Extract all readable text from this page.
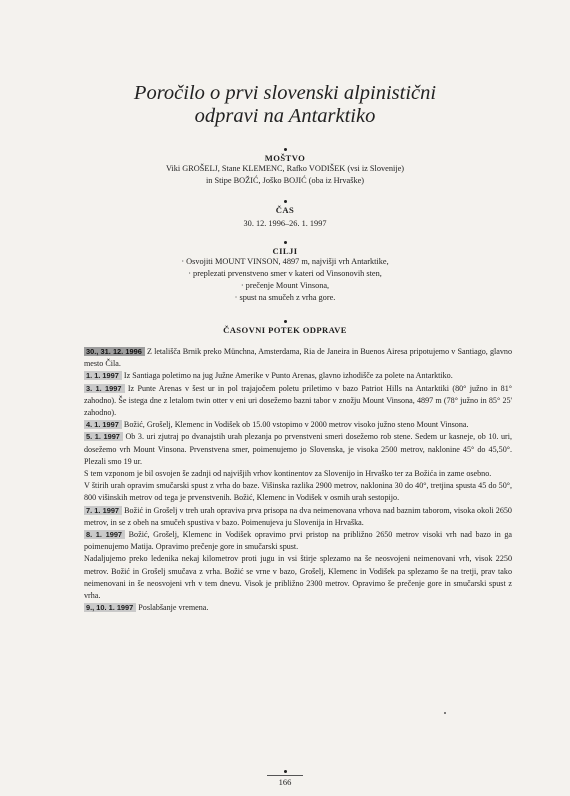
Poročilo o prvi slovenski alpinistični
odpravi na Antarktiko
MOŠTVO
Viki GROŠELJ, Stane KLEMENC, Rafko VODIŠEK (vsi iz Slovenije)
in Stipe BOŽIĆ, Joško BOJIĆ (oba iz Hrvaške)
ČAS
30. 12. 1996–26. 1. 1997
CILJI
· Osvojiti MOUNT VINSON, 4897 m, najvišji vrh Antarktike,
· preplezati prvenstveno smer v kateri od Vinsonovih sten,
· prečenje Mount Vinsona,
· spust na smučeh z vrha gore.
ČASOVNI POTEK ODPRAVE
30., 31. 12. 1996 Z letališča Brnik preko Münchna, Amsterdama, Ria de Janeira in Buenos Airesa pripotujemo v Santiago, glavno mesto Čila.
1. 1. 1997 Iz Santiaga poletimo na jug Južne Amerike v Punto Arenas, glavno izhodišče za polete na Antarktiko.
3. 1. 1997 Iz Punte Arenas v šest ur in pol trajajočem poletu priletimo v bazo Patriot Hills na Antarktiki (80° južno in 81° zahodno). Še istega dne z letalom twin otter v eni uri dosežemo bazni tabor v znožju Mount Vinsona, 4897 m (78° južno in 85° 25' zahodno).
4. 1. 1997 Božić, Grošelj, Klemenc in Vodišek ob 15.00 vstopimo v 2000 metrov visoko južno steno Mount Vinsona.
5. 1. 1997 Ob 3. uri zjutraj po dvanajstih urah plezanja po prvenstveni smeri dosežemo rob stene. Sedem ur kasneje, ob 10. uri, dosežemo vrh Mount Vinsona. Prvenstvena smer, poimenujemo jo Slovenska, je visoka 2500 metrov, naklonine 45° do 45,50°. Plezali smo 19 ur.
S tem vzponom je bil osvojen še zadnji od najvišjih vrhov kontinentov za Slovenijo in Hrvaško ter za Božića in zame osebno.
V štirih urah opravim smučarski spust z vrha do baze. Višinska razlika 2900 metrov, naklonina 30 do 40°, tretjina spusta 45 do 50°, 800 višinskih metrov od tega je prvenstvenih. Božić, Klemenc in Vodišek v osmih urah sestopijo.
7. 1. 1997 Božić in Grošelj v treh urah opraviva prva prisopa na dva neimenovana vrhova nad baznim taborom, visoka okoli 2650 metrov, in se z obeh na smučeh spustiva v bazo. Poimenujeva ju Slovenija in Hrvaška.
8. 1. 1997 Božić, Grošelj, Klemenc in Vodišek opravimo prvi pristop na približno 2650 metrov visoki vrh nad bazo in ga poimenujemo Matija. Opravimo prečenje gore in smučarski spust.
Nadaljujemo preko ledenika nekaj kilometrov proti jugu in vsi štirje splezamo na še neosvojeni neimenovani vrh, visok 2250 metrov. Božić in Grošelj smučava z vrha. Božić se vrne v bazo, Grošelj, Klemenc in Vodišek pa splezamo še na tretji, prav tako neimenovani in še neosvojeni vrh v tem dnevu. Visok je približno 2300 metrov. Opravimo še prečenje gore in smučarski spust z vrha.
9., 10. 1. 1997 Poslabšanje vremena.
166
